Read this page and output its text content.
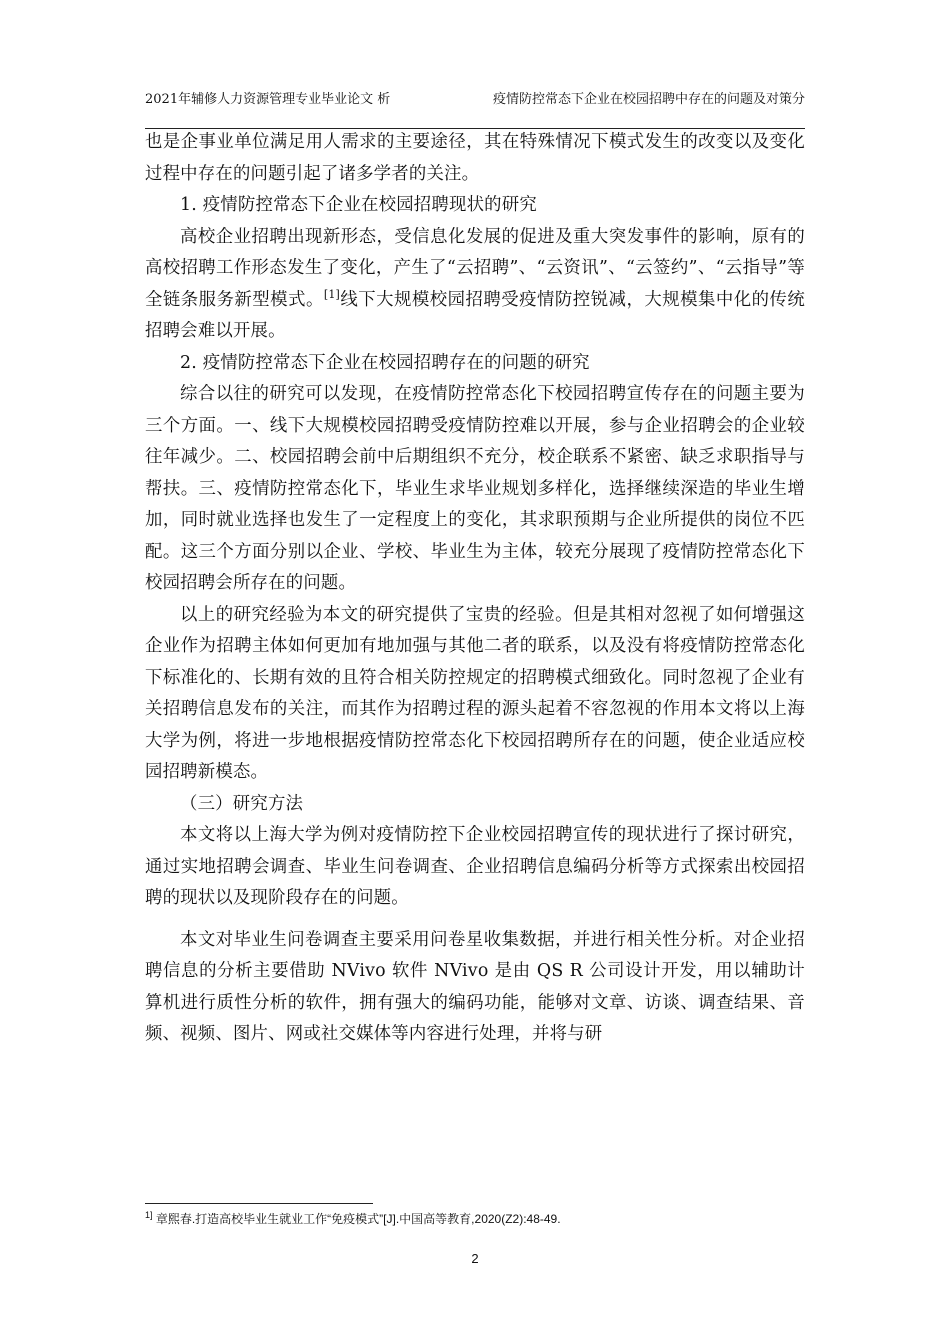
2021年辅修人力资源管理专业毕业论文 析	疫情防控常态下企业在校园招聘中存在的问题及对策分

也是企事业单位满足用人需求的主要途径，其在特殊情况下模式发生的改变以及变化过程中存在的问题引起了诸多学者的关注。

1. 疫情防控常态下企业在校园招聘现状的研究

高校企业招聘出现新形态，受信息化发展的促进及重大突发事件的影响，原有的高校招聘工作形态发生了变化，产生了“云招聘”、“云资讯”、“云签约”、“云指导”等全链条服务新型模式。[1]线下大规模校园招聘受疫情防控锐减，大规模集中化的传统招聘会难以开展。

2. 疫情防控常态下企业在校园招聘存在的问题的研究

综合以往的研究可以发现，在疫情防控常态化下校园招聘宣传存在的问题主要为三个方面。一、线下大规模校园招聘受疫情防控难以开展，参与企业招聘会的企业较往年减少。二、校园招聘会前中后期组织不充分，校企联系不紧密、缺乏求职指导与帮扶。三、疫情防控常态化下，毕业生求毕业规划多样化，选择继续深造的毕业生增加，同时就业选择也发生了一定程度上的变化，其求职预期与企业所提供的岗位不匹配。这三个方面分别以企业、学校、毕业生为主体，较充分展现了疫情防控常态化下校园招聘会所存在的问题。

以上的研究经验为本文的研究提供了宝贵的经验。但是其相对忽视了如何增强这企业作为招聘主体如何更加有地加强与其他二者的联系，以及没有将疫情防控常态化下标准化的、长期有效的且符合相关防控规定的招聘模式细致化。同时忽视了企业有关招聘信息发布的关注，而其作为招聘过程的源头起着不容忽视的作用本文将以上海大学为例，将进一步地根据疫情防控常态化下校园招聘所存在的问题，使企业适应校园招聘新模态。

（三）研究方法

本文将以上海大学为例对疫情防控下企业校园招聘宣传的现状进行了探讨研究，通过实地招聘会调查、毕业生问卷调查、企业招聘信息编码分析等方式探索出校园招聘的现状以及现阶段存在的问题。

本文对毕业生问卷调查主要采用问卷星收集数据，并进行相关性分析。对企业招聘信息的分析主要借助 NVivo 软件 NVivo 是由 QS R 公司设计开发，用以辅助计算机进行质性分析的软件，拥有强大的编码功能，能够对文章、访谈、调查结果、音频、视频、图片、网或社交媒体等内容进行处理，并将与研

$^{1]}$ 章熙春.打造高校毕业生就业工作“免疫模式”[J].中国高等教育,2020(Z2):48-49.
2
